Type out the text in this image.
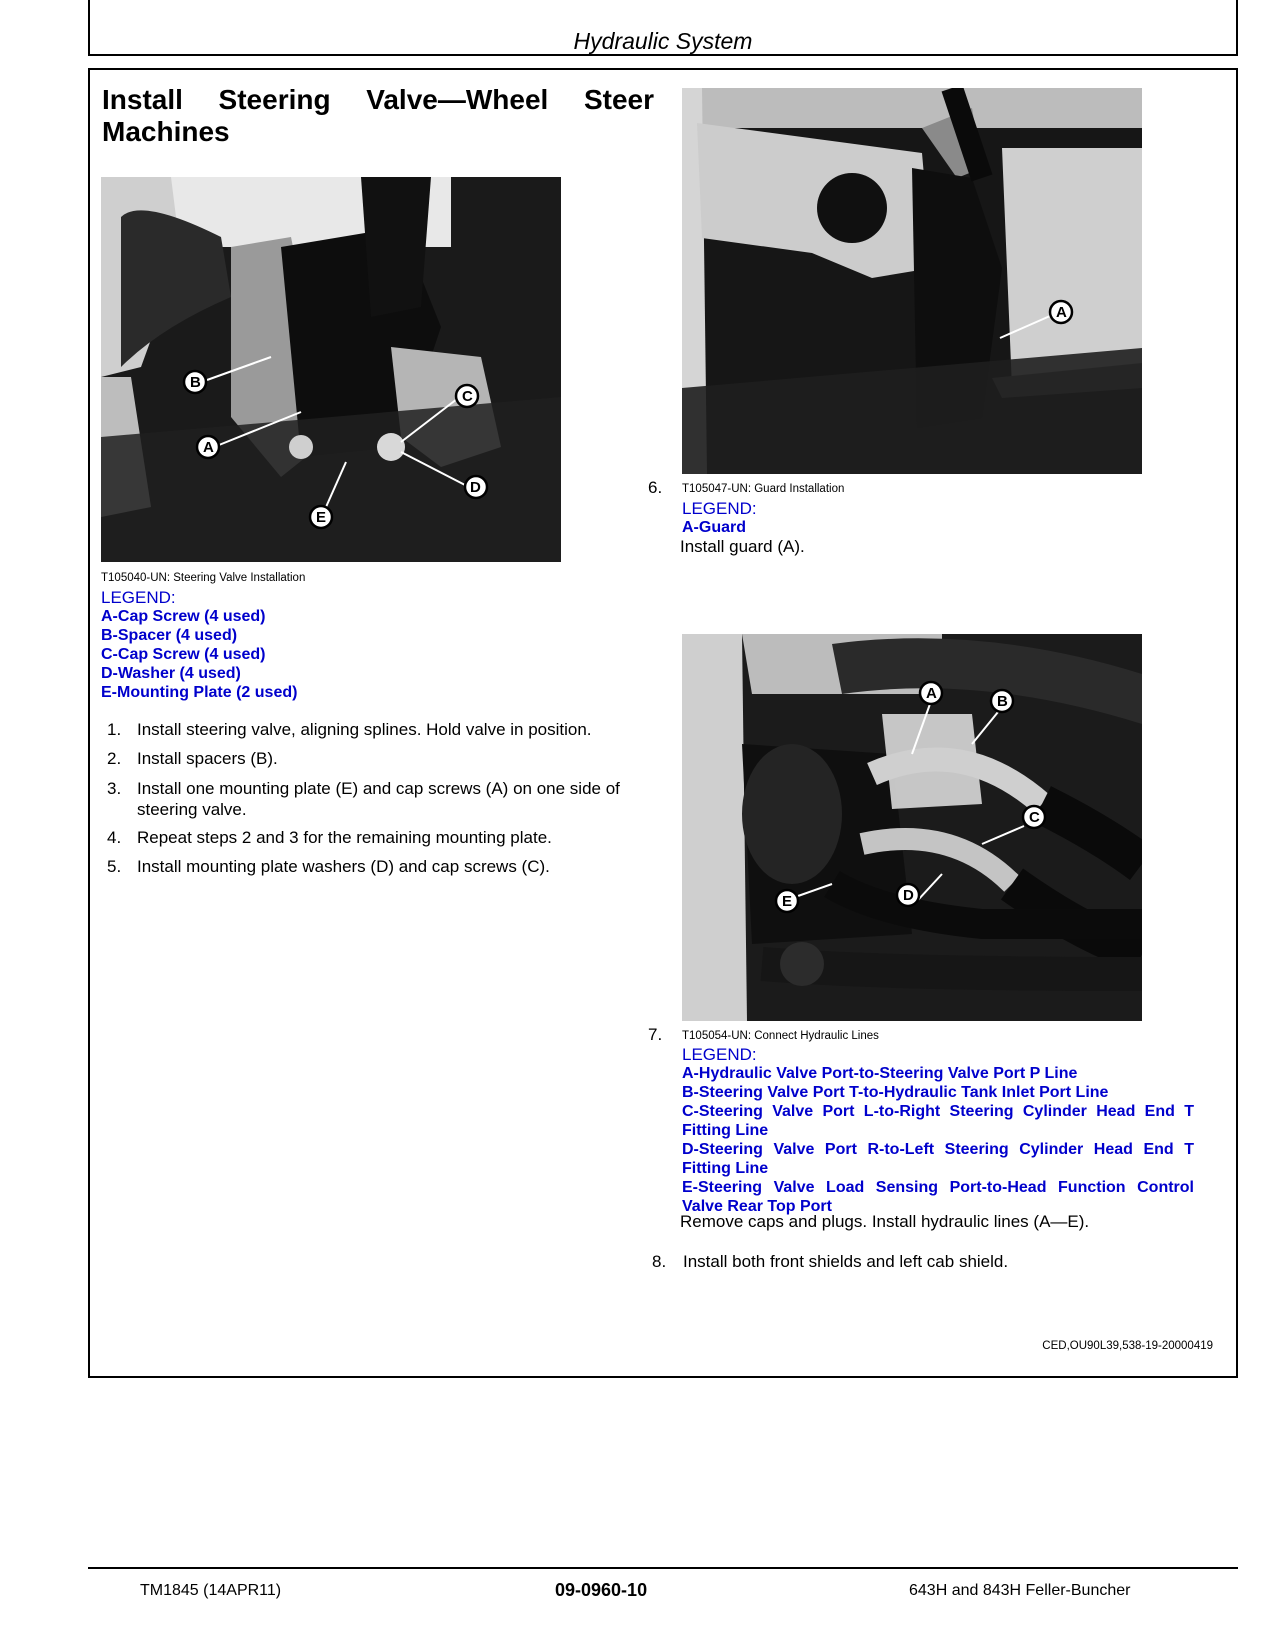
Hydraulic System
Install Steering Valve—Wheel Steer Machines
B
A
C
D
E
T105040-UN: Steering Valve Installation
LEGEND:
A-Cap Screw (4 used)
B-Spacer (4 used)
C-Cap Screw (4 used)
D-Washer (4 used)
E-Mounting Plate (2 used)
1. Install steering valve, aligning splines. Hold valve in position.
2. Install spacers (B).
3. Install one mounting plate (E) and cap screws (A) on one side of steering valve.
4. Repeat steps 2 and 3 for the remaining mounting plate.
5. Install mounting plate washers (D) and cap screws (C).
A
6. T105047-UN: Guard Installation
LEGEND:
A-Guard
Install guard (A).
A	B
C
D
E
7. T105054-UN: Connect Hydraulic Lines
LEGEND:
A-Hydraulic Valve Port-to-Steering Valve Port P Line
B-Steering Valve Port T-to-Hydraulic Tank Inlet Port Line
C-Steering Valve Port L-to-Right Steering Cylinder Head End T Fitting Line
D-Steering Valve Port R-to-Left Steering Cylinder Head End T Fitting Line
E-Steering Valve Load Sensing Port-to-Head Function Control Valve Rear Top Port
Remove caps and plugs. Install hydraulic lines (A—E).
8. Install both front shields and left cab shield.
CED,OU90L39,538-19-20000419
TM1845 (14APR11)	09-0960-10	643H and 843H Feller-Buncher
